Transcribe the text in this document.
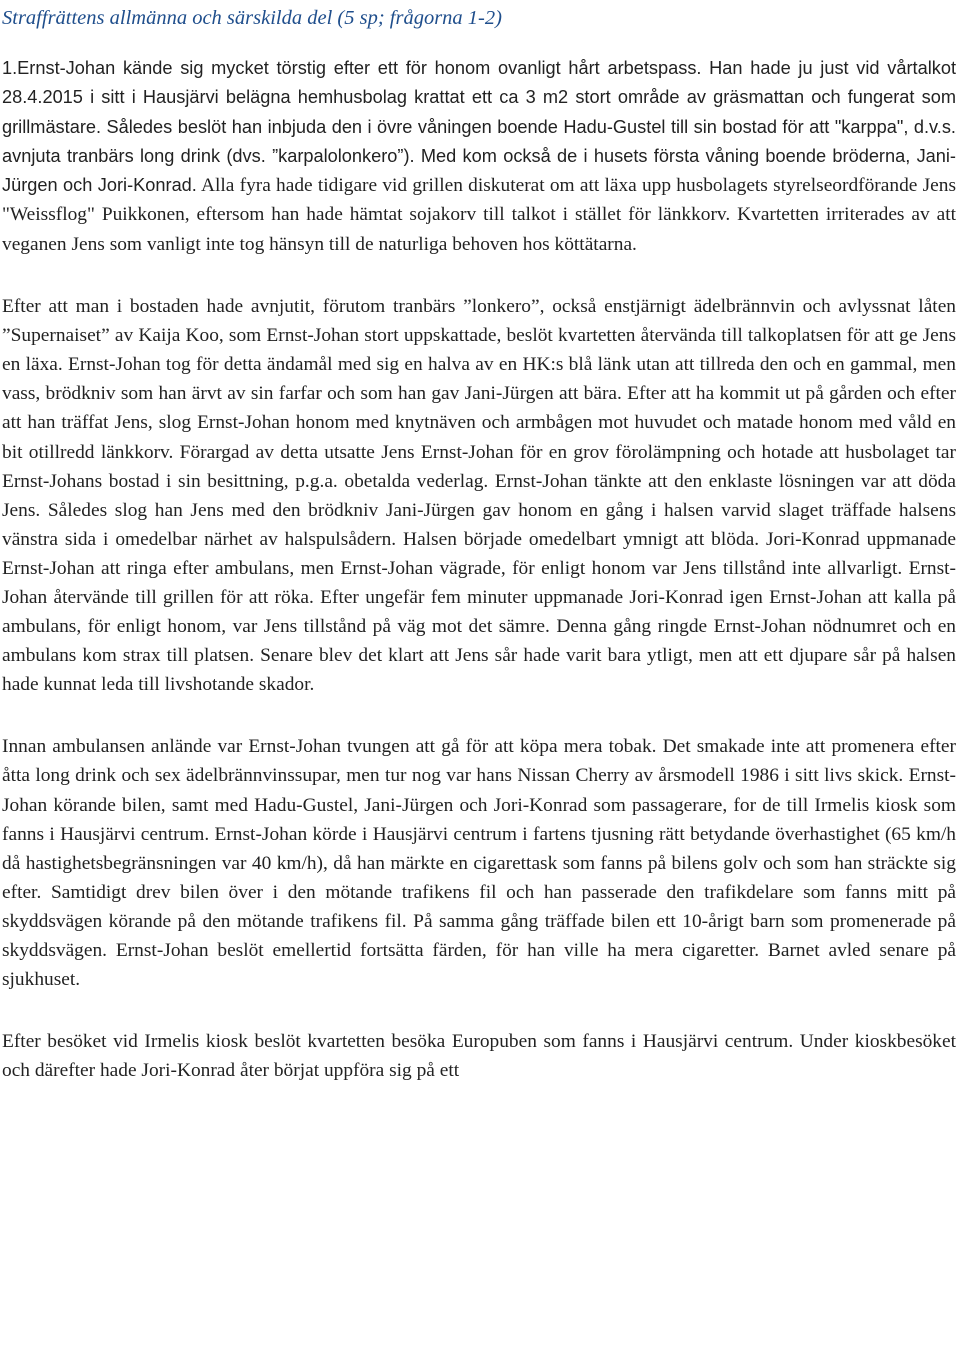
Straffrättens allmänna och särskilda del (5 sp; frågorna 1-2)

1.Ernst-Johan kände sig mycket törstig efter ett för honom ovanligt hårt arbetspass. Han hade ju just vid vårtalkot 28.4.2015 i sitt i Hausjärvi belägna hemhusbolag krattat ett ca 3 m2 stort område av gräsmattan och fungerat som grillmästare. Således beslöt han inbjuda den i övre våningen boende Hadu-Gustel till sin bostad för att "karppa", d.v.s. avnjuta tranbärs long drink (dvs. ”karpalolonkero”). Med kom också de i husets första våning boende bröderna, Jani-Jürgen och Jori-Konrad. Alla fyra hade tidigare vid grillen diskuterat om att läxa upp husbolagets styrelseordförande Jens "Weissflog" Puikkonen, eftersom han hade hämtat sojakorv till talkot i stället för länkkorv. Kvartetten irriterades av att veganen Jens som vanligt inte tog hänsyn till de naturliga behoven hos köttätarna.

Efter att man i bostaden hade avnjutit, förutom tranbärs ”lonkero”, också enstjärnigt ädelbrännvin och avlyssnat låten ”Supernaiset” av Kaija Koo, som Ernst-Johan stort uppskattade, beslöt kvartetten återvända till talkoplatsen för att ge Jens en läxa. Ernst-Johan tog för detta ändamål med sig en halva av en HK:s blå länk utan att tillreda den och en gammal, men vass, brödkniv som han ärvt av sin farfar och som han gav Jani-Jürgen att bära. Efter att ha kommit ut på gården och efter att han träffat Jens, slog Ernst-Johan honom med knytnäven och armbågen mot huvudet och matade honom med våld en bit otillredd länkkorv. Förargad av detta utsatte Jens Ernst-Johan för en grov förolämpning och hotade att husbolaget tar Ernst-Johans bostad i sin besittning, p.g.a. obetalda vederlag. Ernst-Johan tänkte att den enklaste lösningen var att döda Jens. Således slog han Jens med den brödkniv Jani-Jürgen gav honom en gång i halsen varvid slaget träffade halsens vänstra sida i omedelbar närhet av halspulsådern. Halsen började omedelbart ymnigt att blöda. Jori-Konrad uppmanade Ernst-Johan att ringa efter ambulans, men Ernst-Johan vägrade, för enligt honom var Jens tillstånd inte allvarligt. Ernst-Johan återvände till grillen för att röka. Efter ungefär fem minuter uppmanade Jori-Konrad igen Ernst-Johan att kalla på ambulans, för enligt honom, var Jens tillstånd på väg mot det sämre. Denna gång ringde Ernst-Johan nödnumret och en ambulans kom strax till platsen. Senare blev det klart att Jens sår hade varit bara ytligt, men att ett djupare sår på halsen hade kunnat leda till livshotande skador.

Innan ambulansen anlände var Ernst-Johan tvungen att gå för att köpa mera tobak. Det smakade inte att promenera efter åtta long drink och sex ädelbrännvinssupar, men tur nog var hans Nissan Cherry av årsmodell 1986 i sitt livs skick. Ernst-Johan körande bilen, samt med Hadu-Gustel, Jani-Jürgen och Jori-Konrad som passagerare, for de till Irmelis kiosk som fanns i Hausjärvi centrum. Ernst-Johan körde i Hausjärvi centrum i fartens tjusning rätt betydande överhastighet (65 km/h då hastighetsbegränsningen var 40 km/h), då han märkte en cigarettask som fanns på bilens golv och som han sträckte sig efter. Samtidigt drev bilen över i den mötande trafikens fil och han passerade den trafikdelare som fanns mitt på skyddsvägen körande på den mötande trafikens fil. På samma gång träffade bilen ett 10-årigt barn som promenerade på skyddsvägen. Ernst-Johan beslöt emellertid fortsätta färden, för han ville ha mera cigaretter. Barnet avled senare på sjukhuset.

Efter besöket vid Irmelis kiosk beslöt kvartetten besöka Europuben som fanns i Hausjärvi centrum. Under kioskbesöket och därefter hade Jori-Konrad åter börjat uppföra sig på ett
